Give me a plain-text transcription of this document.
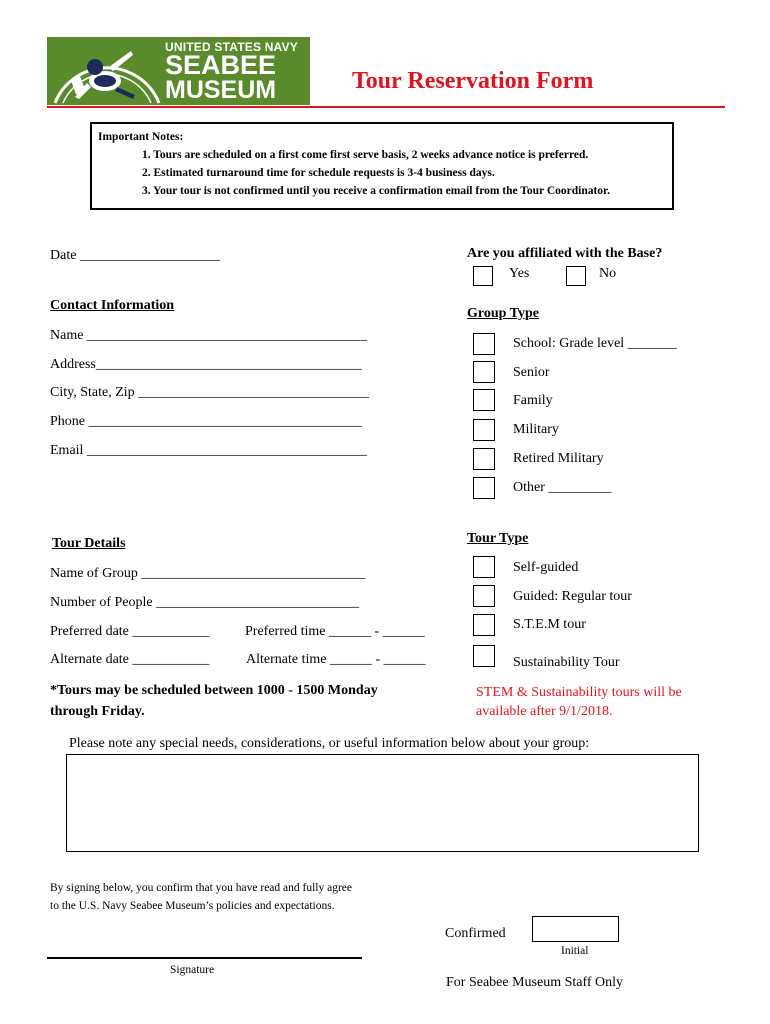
UNITED STATES NAVY
SEABEE
MUSEUM	Tour Reservation Form
Important Notes:
1. Tours are scheduled on a first come first serve basis, 2 weeks advance notice is preferred.
2. Estimated turnaround time for schedule requests is 3-4 business days.
3. Your tour is not confirmed until you receive a confirmation email from the Tour Coordinator.
Date ____________________	Are you affiliated with the Base?
Yes	No
Contact Information
Name ________________________________________
Address______________________________________
City, State, Zip _________________________________
Phone _______________________________________
Email ________________________________________
Group Type
School: Grade level _______
Senior
Family
Military
Retired Military
Other _________
Tour Details
Name of Group ________________________________
Number of People _____________________________
Preferred date ___________	Preferred time ______ - ______
Alternate date ___________	Alternate time ______ - ______
*Tours may be scheduled between 1000 - 1500 Monday
through Friday.
Tour Type
Self-guided
Guided: Regular tour
S.T.E.M tour
Sustainability Tour
STEM & Sustainability tours will be
available after 9/1/2018.
Please note any special needs, considerations, or useful information below about your group:
By signing below, you confirm that you have read and fully agree
to the U.S. Navy Seabee Museum’s policies and expectations.
Signature
Confirmed
Initial
For Seabee Museum Staff Only
